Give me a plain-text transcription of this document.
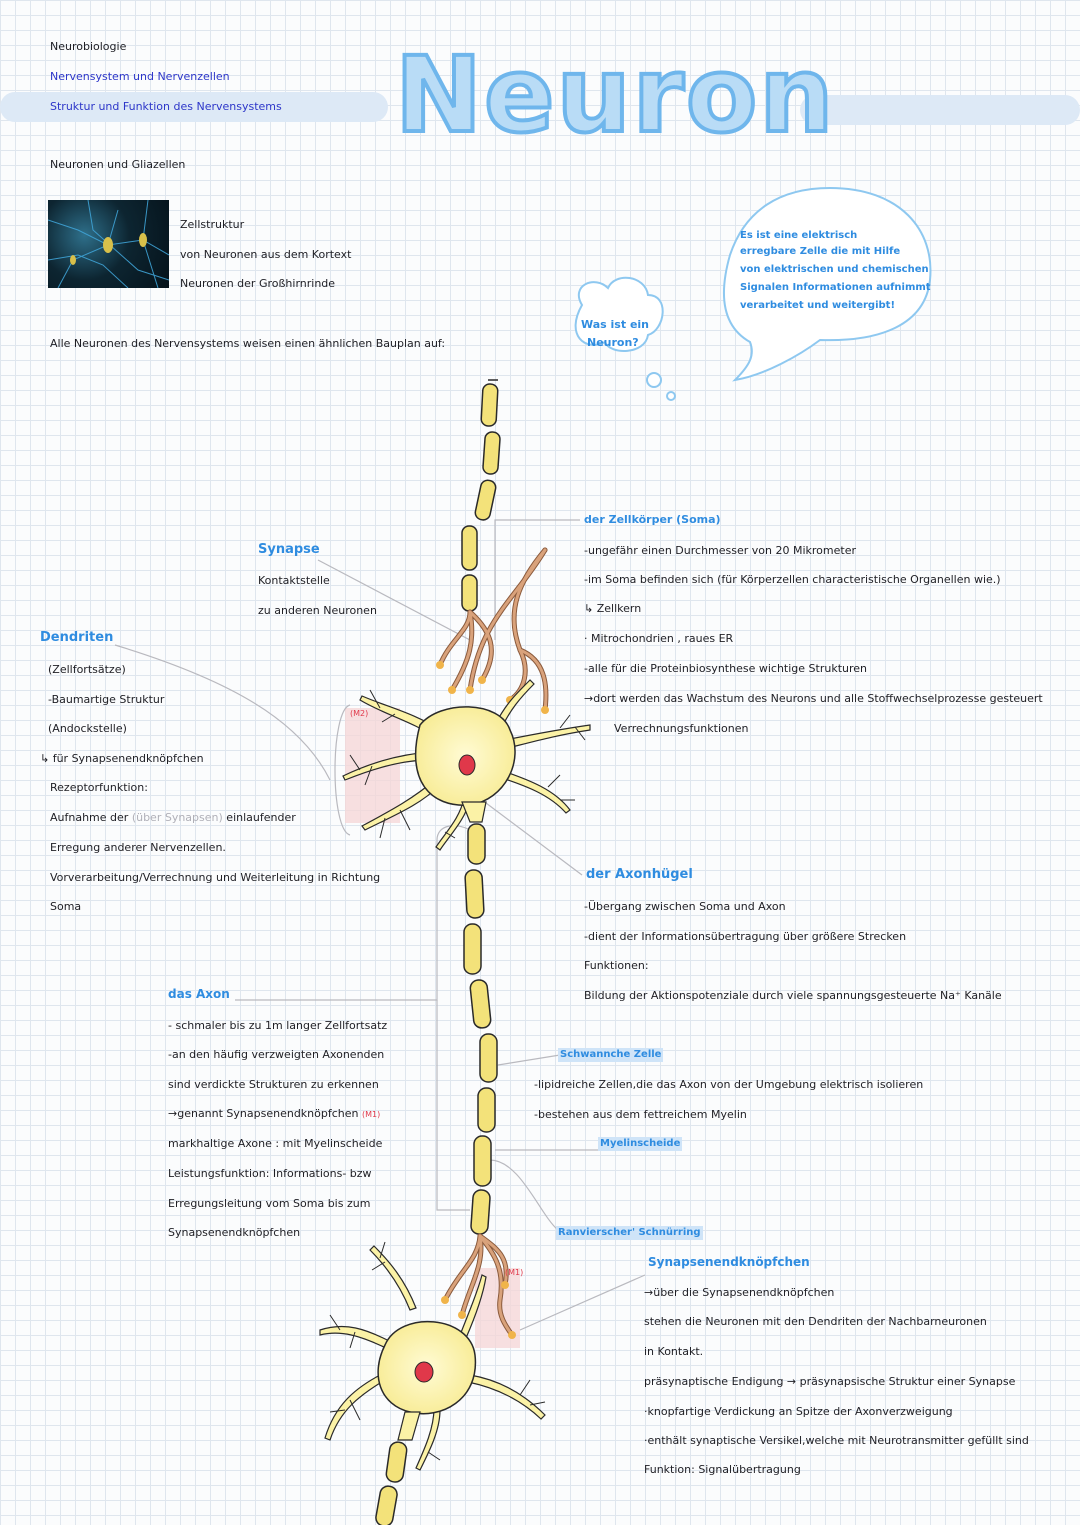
Neurobiologie
Nervensystem und Nervenzellen
Struktur und Funktion des Nervensystems Neuron
Neuronen und Gliazellen
Zellstruktur
von Neuronen aus dem Kortext
Neuronen der Großhirnrinde
Alle Neuronen des Nervensystems weisen einen ähnlichen Bauplan auf:
Was ist ein
Neuron?
Es ist eine elektrisch
erregbare Zelle die mit Hilfe
von elektrischen und chemischen
Signalen Informationen aufnimmt
verarbeitet und weitergibt!
Synapse
Kontaktstelle
zu anderen Neuronen
Dendriten
(Zellfortsätze)
-Baumartige Struktur
(Andockstelle)
↳ für Synapsenendknöpfchen
Rezeptorfunktion:
Aufnahme der (über Synapsen) einlaufender
Erregung anderer Nervenzellen.
Vorverarbeitung/Verrechnung und Weiterleitung in Richtung
Soma
(M2)
der Zellkörper (Soma)
-ungefähr einen Durchmesser von 20 Mikrometer
-im Soma befinden sich (für Körperzellen characteristische Organellen wie.)
↳ Zellkern
· Mitrochondrien , raues ER
-alle für die Proteinbiosynthese wichtige Strukturen
→dort werden das Wachstum des Neurons und alle Stoffwechselprozesse gesteuert
Verrechnungsfunktionen
der Axonhügel
-Übergang zwischen Soma und Axon
-dient der Informationsübertragung über größere Strecken
Funktionen:
Bildung der Aktionspotenziale durch viele spannungsgesteuerte Na⁺ Kanäle
das Axon
- schmaler bis zu 1m langer Zellfortsatz
-an den häufig verzweigten Axonenden
sind verdickte Strukturen zu erkennen
→genannt Synapsenendknöpfchen (M1)
markhaltige Axone : mit Myelinscheide
Leistungsfunktion: Informations- bzw
Erregungsleitung vom Soma bis zum
Synapsenendknöpfchen
Schwannche Zelle
-lipidreiche Zellen,die das Axon von der Umgebung elektrisch isolieren
-bestehen aus dem fettreichem Myelin
Myelinscheide
Ranvierscher' Schnürring
Synapsenendknöpfchen
(M1)
→über die Synapsenendknöpfchen
stehen die Neuronen mit den Dendriten der Nachbarneuronen
in Kontakt.
präsynaptische Endigung → präsynapsische Struktur einer Synapse
·knopfartige Verdickung an Spitze der Axonverzweigung
·enthält synaptische Versikel,welche mit Neurotransmitter gefüllt sind
Funktion: Signalübertragung
